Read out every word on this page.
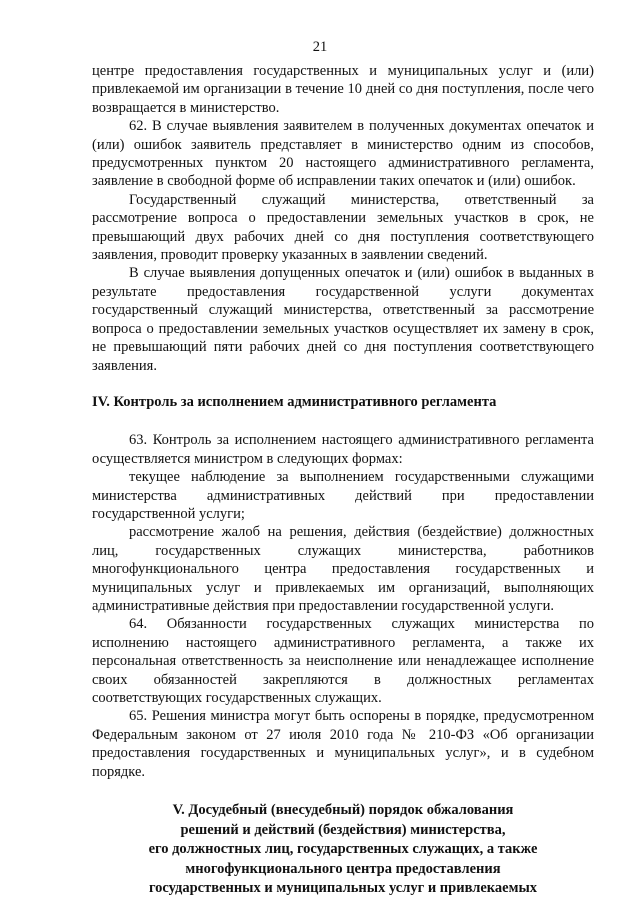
21

центре предоставления государственных и муниципальных услуг и (или) привлекаемой им организации в течение 10 дней со дня поступления, после чего возвращается в министерство.

62. В случае выявления заявителем в полученных документах опечаток и (или) ошибок заявитель представляет в министерство одним из способов, предусмотренных пунктом 20 настоящего административного регламента, заявление в свободной форме об исправлении таких опечаток и (или) ошибок.

Государственный служащий министерства, ответственный за рассмотрение вопроса о предоставлении земельных участков в срок, не превышающий двух рабочих дней со дня поступления соответствующего заявления, проводит проверку указанных в заявлении сведений.

В случае выявления допущенных опечаток и (или) ошибок в выданных в результате предоставления государственной услуги документах государственный служащий министерства, ответственный за рассмотрение вопроса о предоставлении земельных участков осуществляет их замену в срок, не превышающий пяти рабочих дней со дня поступления соответствующего заявления.

IV. Контроль за исполнением административного регламента

63. Контроль за исполнением настоящего административного регламента осуществляется министром в следующих формах:

текущее наблюдение за выполнением государственными служащими министерства административных действий при предоставлении государственной услуги;

рассмотрение жалоб на решения, действия (бездействие) должностных лиц, государственных служащих министерства, работников многофункционального центра предоставления государственных и муниципальных услуг и привлекаемых им организаций, выполняющих административные действия при предоставлении государственной услуги.

64. Обязанности государственных служащих министерства по исполнению настоящего административного регламента, а также их персональная ответственность за неисполнение или ненадлежащее исполнение своих обязанностей закрепляются в должностных регламентах соответствующих государственных служащих.

65. Решения министра могут быть оспорены в порядке, предусмотренном Федеральным законом от 27 июля 2010 года № 210-ФЗ «Об организации предоставления государственных и муниципальных услуг», и в судебном порядке.

V. Досудебный (внесудебный) порядок обжалования
решений и действий (бездействия) министерства,
его должностных лиц, государственных служащих, а также
многофункционального центра предоставления
государственных и муниципальных услуг и привлекаемых
